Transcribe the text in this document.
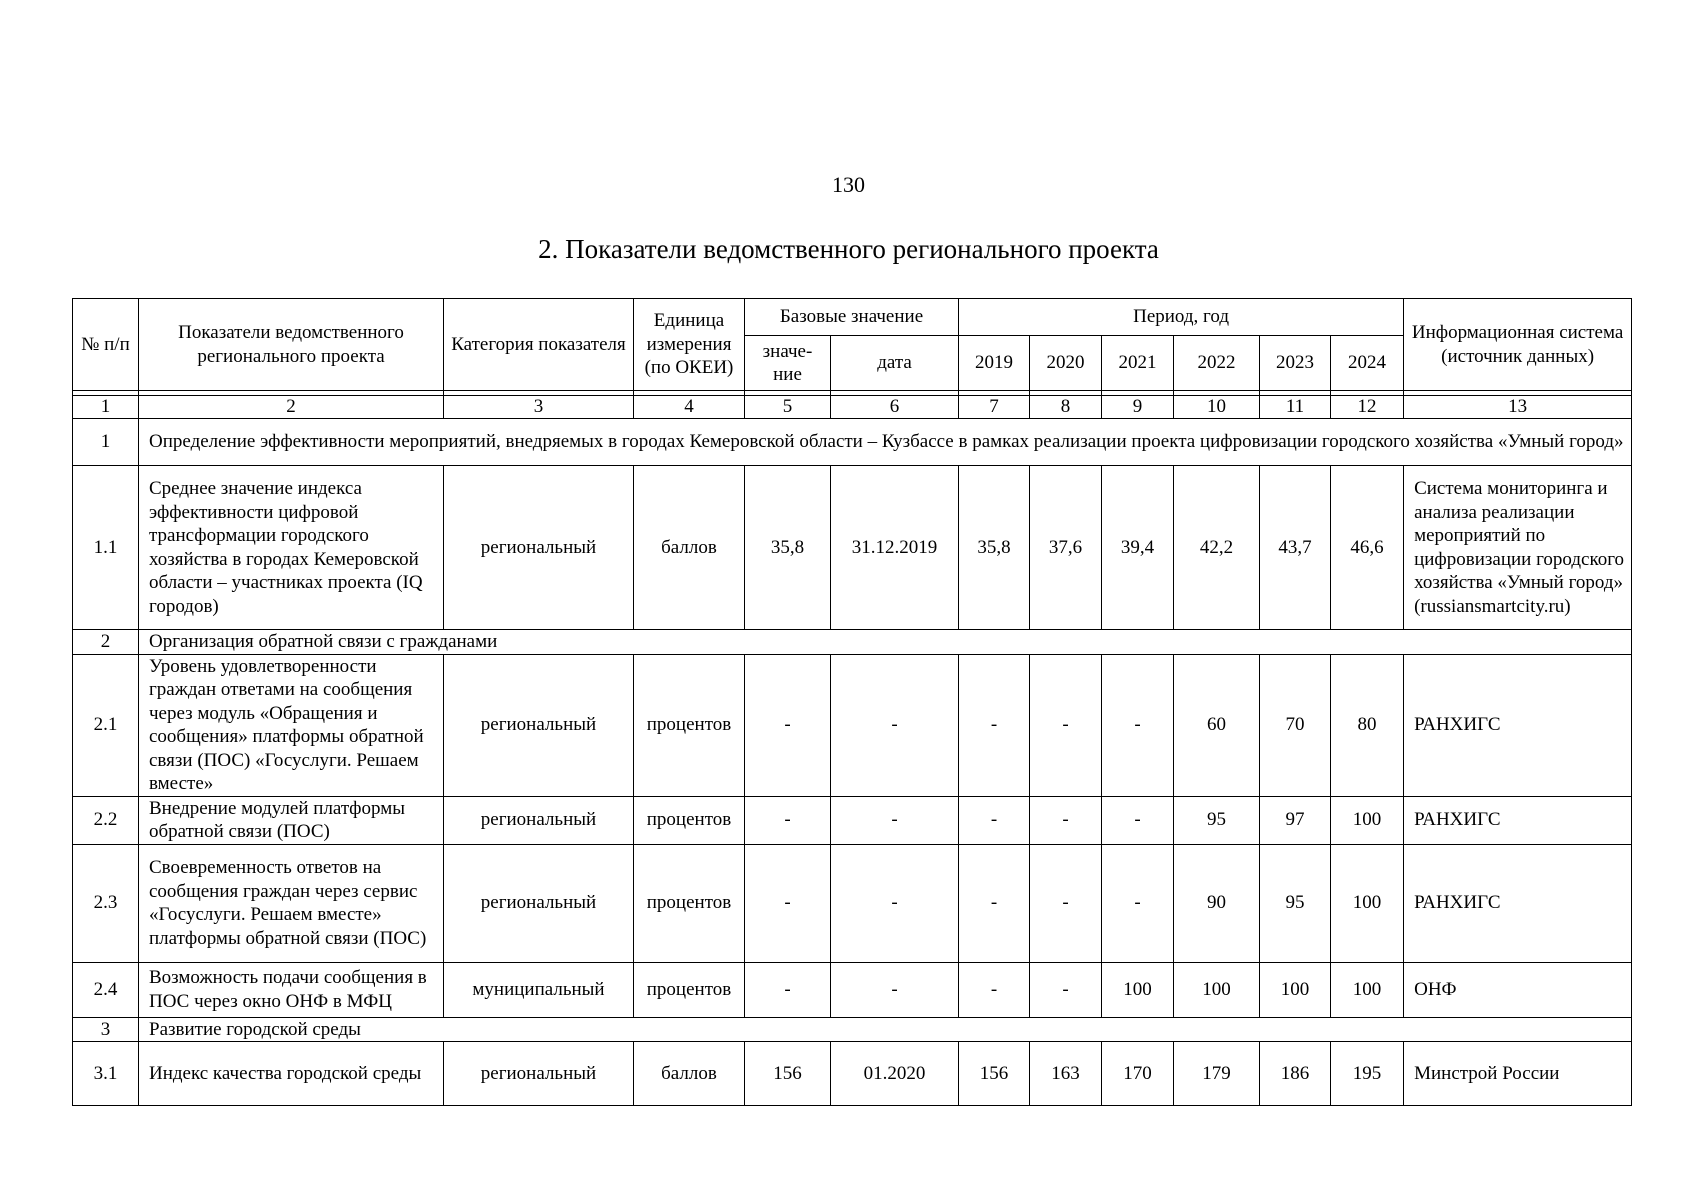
130
2. Показатели ведомственного регионального проекта
№ п/п	Показатели ведомственного регионального проекта	Категория показателя	Единица измерения (по ОКЕИ)	Базовые значение		Период, год						Информационная система (источник данных)
				значе-ние	дата	2019	2020	2021	2022	2023	2024	

1	2	3	4	5	6	7	8	9	10	11	12	13
1	Определение эффективности мероприятий, внедряемых в городах Кемеровской области – Кузбассе в рамках реализации проекта цифровизации городского хозяйства «Умный город»											
1.1	Среднее значение индекса эффективности цифровой трансформации городского хозяйства в городах Кемеровской области – участниках проекта (IQ городов)	региональный	баллов	35,8	31.12.2019	35,8	37,6	39,4	42,2	43,7	46,6	Система мониторинга и анализа реализации мероприятий по цифровизации городского хозяйства «Умный город» (russiansmartcity.ru)
2	Организация обратной связи с гражданами											
2.1	Уровень удовлетворенности граждан ответами на сообщения через модуль «Обращения и сообщения» платформы обратной связи (ПОС) «Госуслуги. Решаем вместе»	региональный	процентов	-	-	-	-	-	60	70	80	РАНХИГС
2.2	Внедрение модулей платформы обратной связи (ПОС)	региональный	процентов	-	-	-	-	-	95	97	100	РАНХИГС
2.3	Своевременность ответов на сообщения граждан через сервис «Госуслуги. Решаем вместе» платформы обратной связи (ПОС)	региональный	процентов	-	-	-	-	-	90	95	100	РАНХИГС
2.4	Возможность подачи сообщения в ПОС через окно ОНФ в МФЦ	муниципальный	процентов	-	-	-	-	100	100	100	100	ОНФ
3	Развитие городской среды											
3.1	Индекс качества городской среды	региональный	баллов	156	01.2020	156	163	170	179	186	195	Минстрой России
